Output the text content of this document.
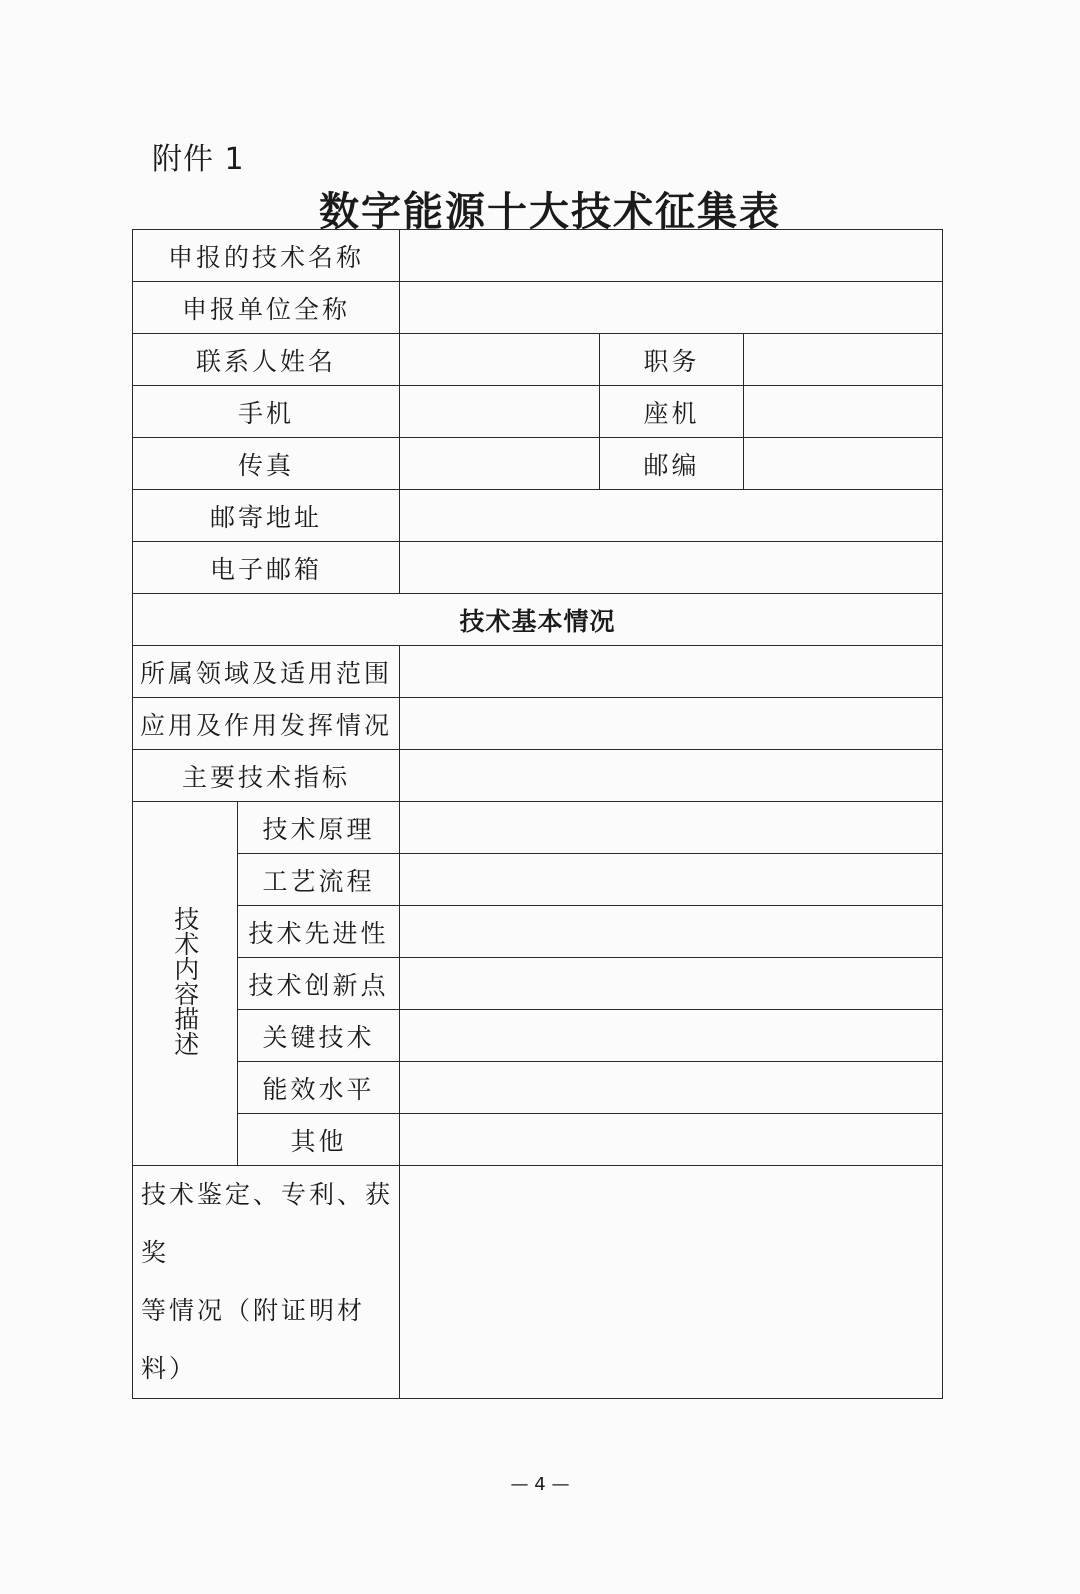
附件 1
数字能源十大技术征集表
申报的技术名称				
申报单位全称				
联系人姓名			职务	
手机			座机	
传真			邮编	
邮寄地址				
电子邮箱				
技术基本情况				
所属领域及适用范围				
应用及作用发挥情况				
主要技术指标				
技术内容描述	技术原理			
	工艺流程			
	技术先进性			
	技术创新点			
	关键技术			
	能效水平			
	其他			
技术鉴定、专利、获奖
等情况（附证明材料）				
— 4 —
